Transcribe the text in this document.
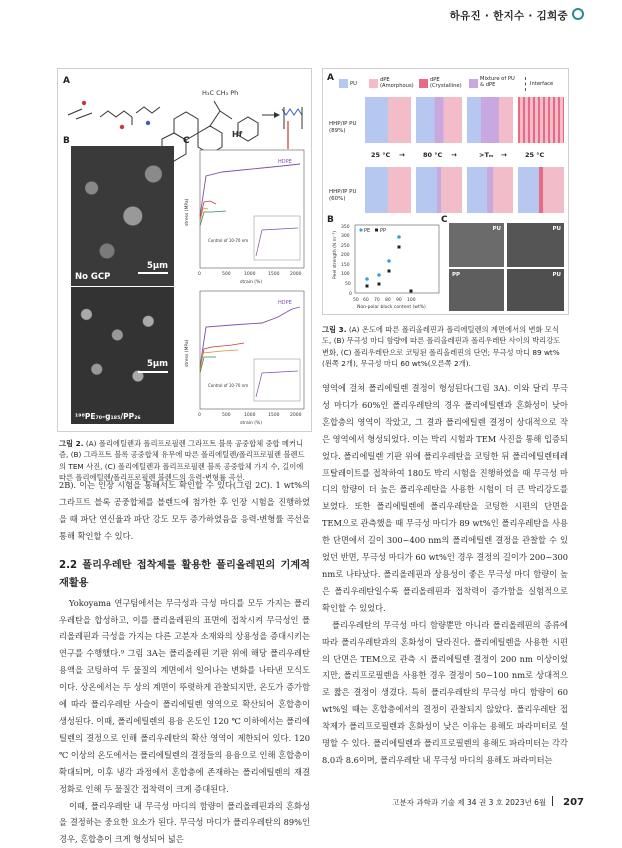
하유진 · 한지수 · 김희중
A
Hf
H₃C CH₃ Ph
B
No GCP
5μm
5μm
¹⁹⁸PE₇₀-g₁₈₅/PP₂₆
C
HDPE
Control of 10-70 nm
0	500	1000	1500 2000
strain (%)
stress (MPa)
HDPE
Control of 10-70 nm
0	500	1000	1500 2000
strain (%)
stress (MPa)
그림 2. (A) 폴리에틸렌과 폴리프로필렌 그라프트 블록 공중합체 중합 메커니즘, (B) 그라프트 블록 공중합체 유무에 따른 폴리에틸렌/폴리프로필렌 블렌드의 TEM 사진, (C) 폴리에틸렌과 폴리프로필렌 블록 공중합체 가지 수, 길이에 따른 폴리에틸렌/폴리프로필렌 블렌드의 응력-변형률 곡선.
A
PU
dPE (Amorphous)
dPE (Crystalline)
Mixture of PU & dPE	Interface
HHP/IP PU (89%)
25 °C →	80 °C →	>Tₘ →	25 °C
HHP/IP PU (60%)
B
350
300
250
200
150
100
50
0
50 60 70 80 90 100
Non-polar block content (wt%)
Peel strength (N m⁻¹)	PE PP
C
PU	PU
PP	PU
그림 3. (A) 온도에 따른 폴리올레핀과 폴리에틸렌의 계면에서의 변화 모식도, (B) 무극성 마디 함량에 따른 폴리올레핀과 폴리우레탄 사이의 박리강도 변화, (C) 폴리우레탄으로 코팅된 폴리올레핀의 단면; 무극성 마디 89 wt%(왼쪽 2개), 무극성 마디 60 wt%(오른쪽 2개).

2B). 이는 인장 시험을 통해서도 확인할 수 있다(그림 2C). 1 wt%의 그라프트 블록 공중합체를 블렌드에 첨가한 후 인장 시험을 진행하였을 때 파단 연신율과 파단 강도 모두 증가하였음을 응력-변형률 곡선을 통해 확인할 수 있다.

2.2 폴리우레탄 접착제를 활용한 폴리올레핀의 기계적 재활용

Yokoyama 연구팀에서는 무극성과 극성 마디를 모두 가지는 폴리우레탄을 합성하고, 이를 폴리올레핀의 표면에 접착시켜 무극성인 폴리올레핀과 극성을 가지는 다른 고분자 소재와의 상용성을 증대시키는 연구를 수행했다.⁹ 그림 3A는 폴리올레핀 기판 위에 해당 폴리우레탄 용액을 코팅하여 두 물질의 계면에서 일어나는 변화를 나타낸 모식도이다. 상온에서는 두 상의 계면이 뚜렷하게 관찰되지만, 온도가 증가함에 따라 폴리우레탄 사슬이 폴리에틸렌 영역으로 확산되어 혼합층이 생성된다. 이때, 폴리에틸렌의 용융 온도인 120 ℃ 이하에서는 폴리에틸렌의 결정으로 인해 폴리우레탄의 확산 영역이 제한되어 있다. 120 ℃ 이상의 온도에서는 폴리에틸렌의 결정들의 용융으로 인해 혼합층이 확대되며, 이후 냉각 과정에서 혼합층에 존재하는 폴리에틸렌의 재결정화로 인해 두 물질간 접착력이 크게 증대된다.

이때, 폴리우레탄 내 무극성 마디의 함량이 폴리올레핀과의 혼화성을 결정하는 중요한 요소가 된다. 무극성 마디가 폴리우레탄의 89%인 경우, 혼합층이 크게 형성되어 넓은

영역에 걸쳐 폴리에틸렌 결정이 형성된다(그림 3A). 이와 달리 무극성 마디가 60%인 폴리우레탄의 경우 폴리에틸렌과 혼화성이 낮아 혼합층의 영역이 작았고, 그 결과 폴리에틸렌 결정이 상대적으로 작은 영역에서 형성되었다. 이는 박리 시험과 TEM 사진을 통해 입증되었다. 폴리에틸렌 기판 위에 폴리우레탄을 코팅한 뒤 폴리에틸렌테레프탈레이트를 접착하여 180도 박리 시험을 진행하였을 때 무극성 마디의 함량이 더 높은 폴리우레탄을 사용한 시험이 더 큰 박리강도를 보였다. 또한 폴리에틸렌에 폴리우레탄을 코팅한 시편의 단면을 TEM으로 관측했을 때 무극성 마디가 89 wt%인 폴리우레탄을 사용한 단면에서 길이 300~400 nm의 폴리에틸렌 결정을 관찰할 수 있었던 반면, 무극성 마디가 60 wt%인 경우 결정의 길이가 200~300 nm로 나타났다. 폴리올레핀과 상용성이 좋은 무극성 마디 함량이 높은 폴리우레탄일수록 폴리올레핀과 접착력이 증가함을 실험적으로 확인할 수 있었다.

폴리우레탄의 무극성 마디 함량뿐만 아니라 폴리올레핀의 종류에 따라 폴리우레탄과의 혼화성이 달라진다. 폴리에틸렌을 사용한 시편의 단면은 TEM으로 관측 시 폴리에틸렌 결정이 200 nm 이상이었지만, 폴리프로필렌을 사용한 경우 결정이 50~100 nm로 상대적으로 짧은 결정이 생겼다. 특히 폴리우레탄의 무극성 마디 함량이 60 wt%일 때는 혼합층에서의 결정이 관찰되지 않았다. 폴리우레탄 접착제가 폴리프로필렌과 혼화성이 낮은 이유는 용해도 파라미터로 설명할 수 있다. 폴리에틸렌과 폴리프로필렌의 용해도 파라미터는 각각 8.0과 8.6이며, 폴리우레탄 내 무극성 마디의 용해도 파라미터는

고분자 과학과 기술 제 34 권 3 호 2023년 6월 207
